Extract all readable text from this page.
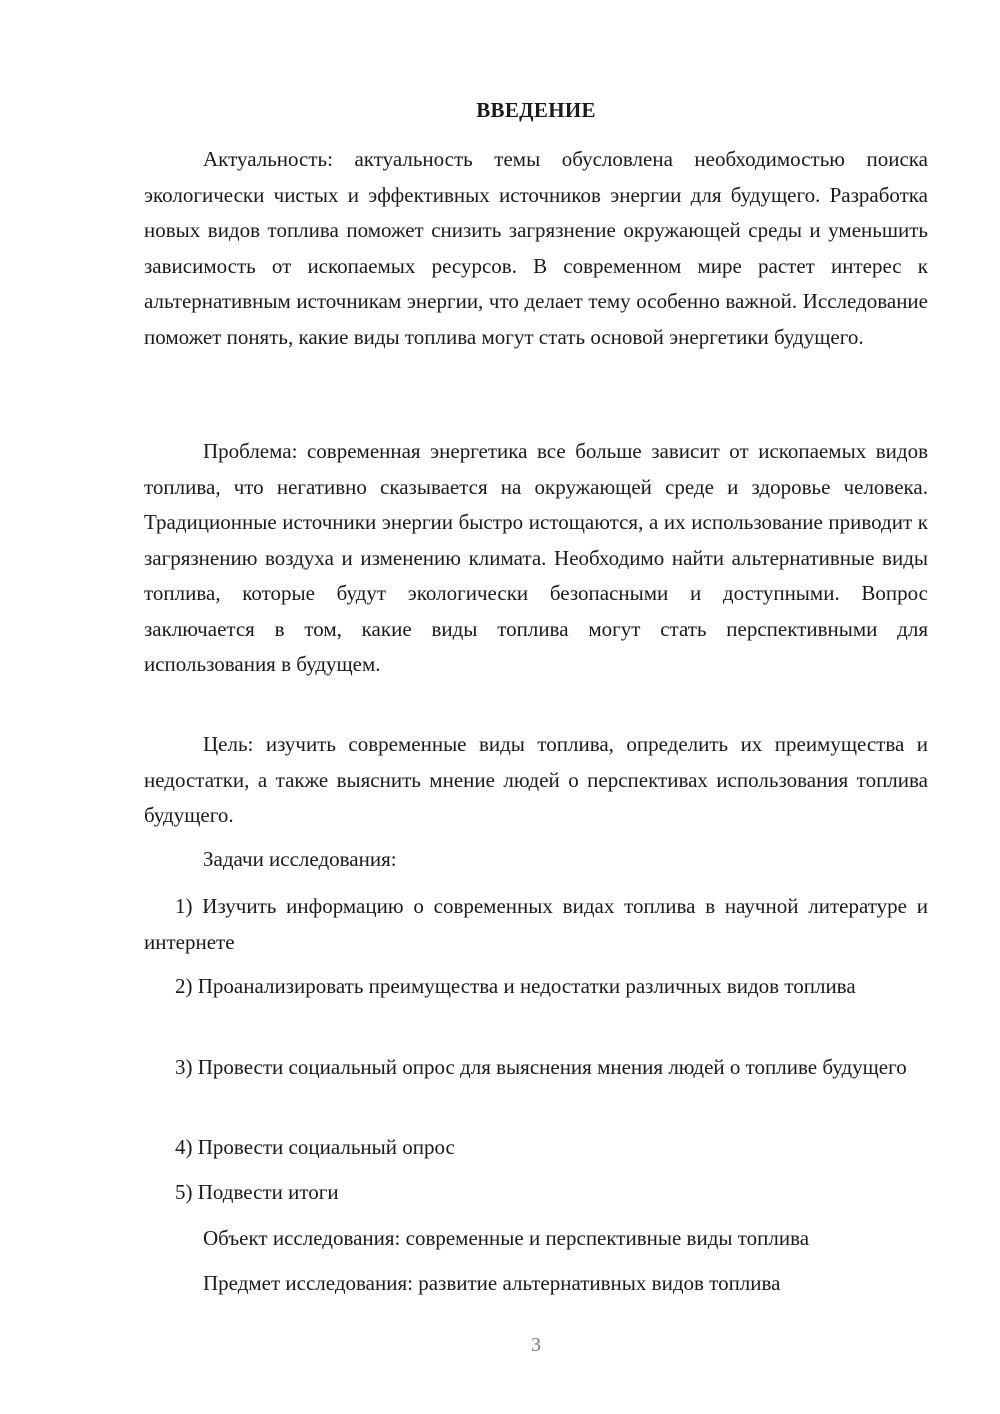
ВВЕДЕНИЕ

Актуальность: актуальность темы обусловлена необходимостью поиска экологически чистых и эффективных источников энергии для будущего. Разработка новых видов топлива поможет снизить загрязнение окружающей среды и уменьшить зависимость от ископаемых ресурсов. В современном мире растет интерес к альтернативным источникам энергии, что делает тему особенно важной. Исследование поможет понять, какие виды топлива могут стать основой энергетики будущего.

Проблема: современная энергетика все больше зависит от ископаемых видов топлива, что негативно сказывается на окружающей среде и здоровье человека. Традиционные источники энергии быстро истощаются, а их использование приводит к загрязнению воздуха и изменению климата. Необходимо найти альтернативные виды топлива, которые будут экологически безопасными и доступными. Вопрос заключается в том, какие виды топлива могут стать перспективными для использования в будущем.

Цель: изучить современные виды топлива, определить их преимущества и недостатки, а также выяснить мнение людей о перспективах использования топлива будущего.

Задачи исследования:

1) Изучить информацию о современных видах топлива в научной литературе и интернете

2) Проанализировать преимущества и недостатки различных видов топлива

3) Провести социальный опрос для выяснения мнения людей о топливе будущего

4) Провести социальный опрос

5) Подвести итоги

Объект исследования: современные и перспективные виды топлива

Предмет исследования: развитие альтернативных видов топлива

3
